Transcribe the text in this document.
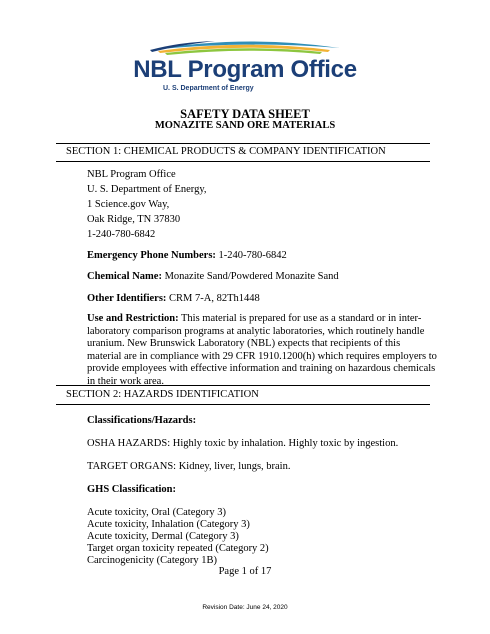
NBL Program Office
U. S. Department of Energy
SAFETY DATA SHEET
MONAZITE SAND ORE MATERIALS
SECTION 1: CHEMICAL PRODUCTS & COMPANY IDENTIFICATION
NBL Program Office
U. S. Department of Energy,
1 Science.gov Way,
Oak Ridge, TN 37830
1-240-780-6842
Emergency Phone Numbers: 1-240-780-6842
Chemical Name: Monazite Sand/Powdered Monazite Sand
Other Identifiers: CRM 7-A, 82Th1448
Use and Restriction: This material is prepared for use as a standard or in inter-laboratory comparison programs at analytic laboratories, which routinely handle uranium. New Brunswick Laboratory (NBL) expects that recipients of this material are in compliance with 29 CFR 1910.1200(h) which requires employers to provide employees with effective information and training on hazardous chemicals in their work area.
SECTION 2: HAZARDS IDENTIFICATION
Classifications/Hazards:
OSHA HAZARDS: Highly toxic by inhalation. Highly toxic by ingestion.
TARGET ORGANS: Kidney, liver, lungs, brain.
GHS Classification:
Acute toxicity, Oral (Category 3)
Acute toxicity, Inhalation (Category 3)
Acute toxicity, Dermal (Category 3)
Target organ toxicity repeated (Category 2)
Carcinogenicity (Category 1B)
Page 1 of 17
Revision Date: June 24, 2020
